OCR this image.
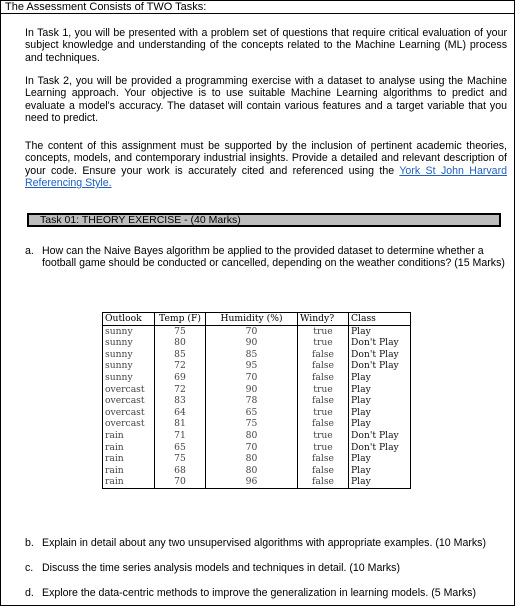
The Assessment Consists of TWO Tasks:

In Task 1, you will be presented with a problem set of questions that require critical evaluation of your subject knowledge and understanding of the concepts related to the Machine Learning (ML) process and techniques.

In Task 2, you will be provided a programming exercise with a dataset to analyse using the Machine Learning approach. Your objective is to use suitable Machine Learning algorithms to predict and evaluate a model's accuracy. The dataset will contain various features and a target variable that you need to predict.

The content of this assignment must be supported by the inclusion of pertinent academic theories, concepts, models, and contemporary industrial insights. Provide a detailed and relevant description of your code. Ensure your work is accurately cited and referenced using the York St John Harvard Referencing Style.

Task 01: THEORY EXERCISE - (40 Marks)
a. How can the Naive Bayes algorithm be applied to the provided dataset to determine whether a football game should be conducted or cancelled, depending on the weather conditions? (15 Marks)
Outlook	Temp (F)	Humidity (%)	Windy?	Class
sunny	75	70	true	Play
sunny	80	90	true	Don't Play
sunny	85	85	false	Don't Play
sunny	72	95	false	Don't Play
sunny	69	70	false	Play
overcast	72	90	true	Play
overcast	83	78	false	Play
overcast	64	65	true	Play
overcast	81	75	false	Play
rain	71	80	true	Don't Play
rain	65	70	true	Don't Play
rain	75	80	false	Play
rain	68	80	false	Play
rain	70	96	false	Play
b. Explain in detail about any two unsupervised algorithms with appropriate examples. (10 Marks)
c. Discuss the time series analysis models and techniques in detail. (10 Marks)
d. Explore the data-centric methods to improve the generalization in learning models. (5 Marks)
